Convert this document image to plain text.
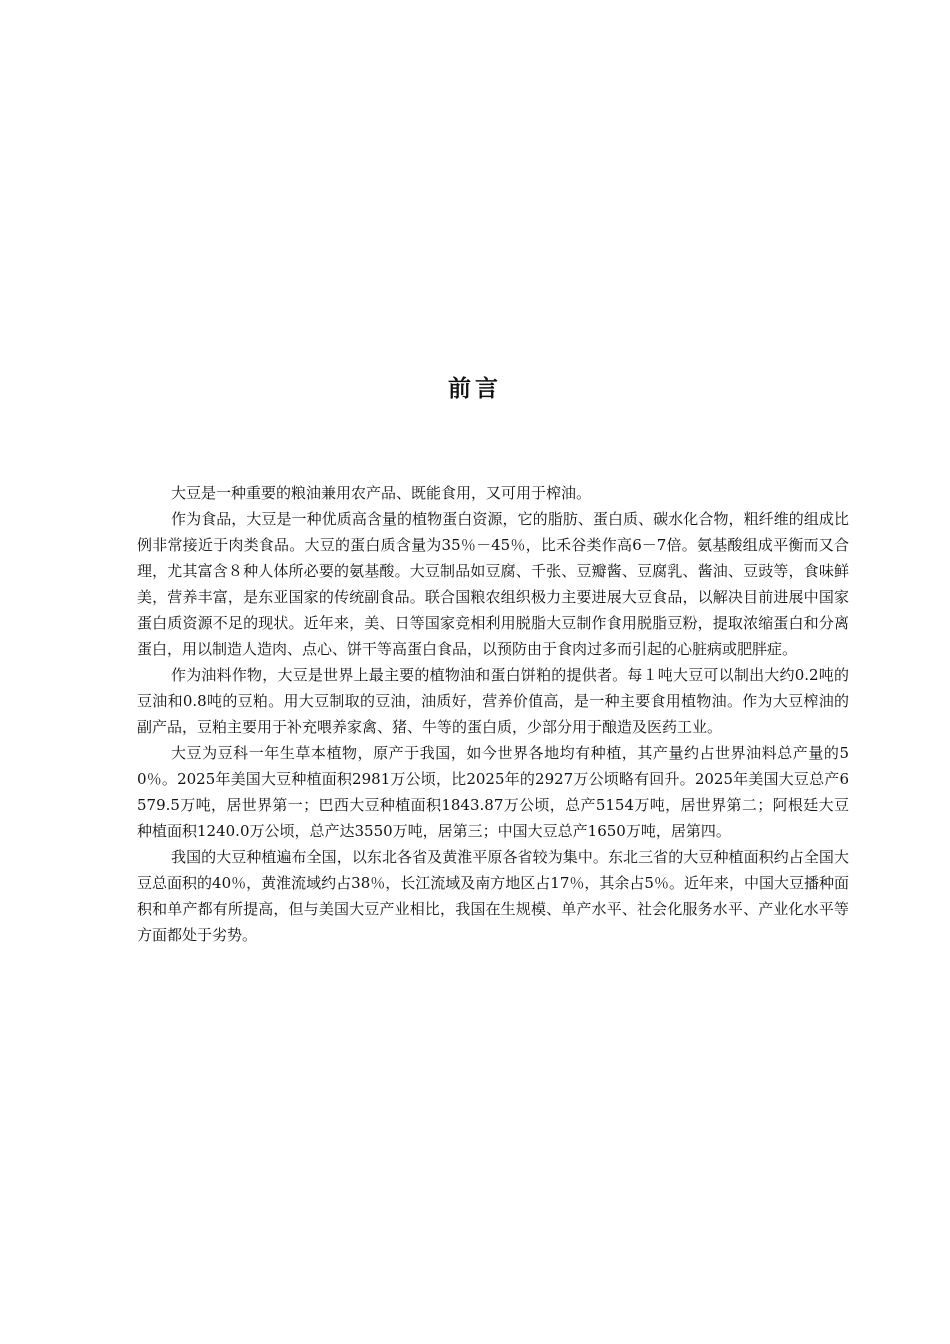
前言

大豆是一种重要的粮油兼用农产品、既能食用，又可用于榨油。

作为食品，大豆是一种优质高含量的植物蛋白资源，它的脂肪、蛋白质、碳水化合物，粗纤维的组成比例非常接近于肉类食品。大豆的蛋白质含量为35％－45％，比禾谷类作高6－7倍。氨基酸组成平衡而又合理，尤其富含８种人体所必要的氨基酸。大豆制品如豆腐、千张、豆瓣酱、豆腐乳、酱油、豆豉等，食味鲜美，营养丰富，是东亚国家的传统副食品。联合国粮农组织极力主要进展大豆食品，以解决目前进展中国家蛋白质资源不足的现状。近年来，美、日等国家竞相利用脱脂大豆制作食用脱脂豆粉，提取浓缩蛋白和分离蛋白，用以制造人造肉、点心、饼干等高蛋白食品，以预防由于食肉过多而引起的心脏病或肥胖症。

作为油料作物，大豆是世界上最主要的植物油和蛋白饼粕的提供者。每１吨大豆可以制出大约0.2吨的豆油和0.8吨的豆粕。用大豆制取的豆油，油质好，营养价值高，是一种主要食用植物油。作为大豆榨油的副产品，豆粕主要用于补充喂养家禽、猪、牛等的蛋白质，少部分用于酿造及医药工业。

大豆为豆科一年生草本植物，原产于我国，如今世界各地均有种植，其产量约占世界油料总产量的50％。2025年美国大豆种植面积2981万公顷，比2025年的2927万公顷略有回升。2025年美国大豆总产6579.5万吨，居世界第一；巴西大豆种植面积1843.87万公顷，总产5154万吨，居世界第二；阿根廷大豆种植面积1240.0万公顷，总产达3550万吨，居第三；中国大豆总产1650万吨，居第四。

我国的大豆种植遍布全国，以东北各省及黄淮平原各省较为集中。东北三省的大豆种植面积约占全国大豆总面积的40％，黄淮流域约占38％，长江流域及南方地区占17％，其余占5％。近年来，中国大豆播种面积和单产都有所提高，但与美国大豆产业相比，我国在生规模、单产水平、社会化服务水平、产业化水平等方面都处于劣势。
